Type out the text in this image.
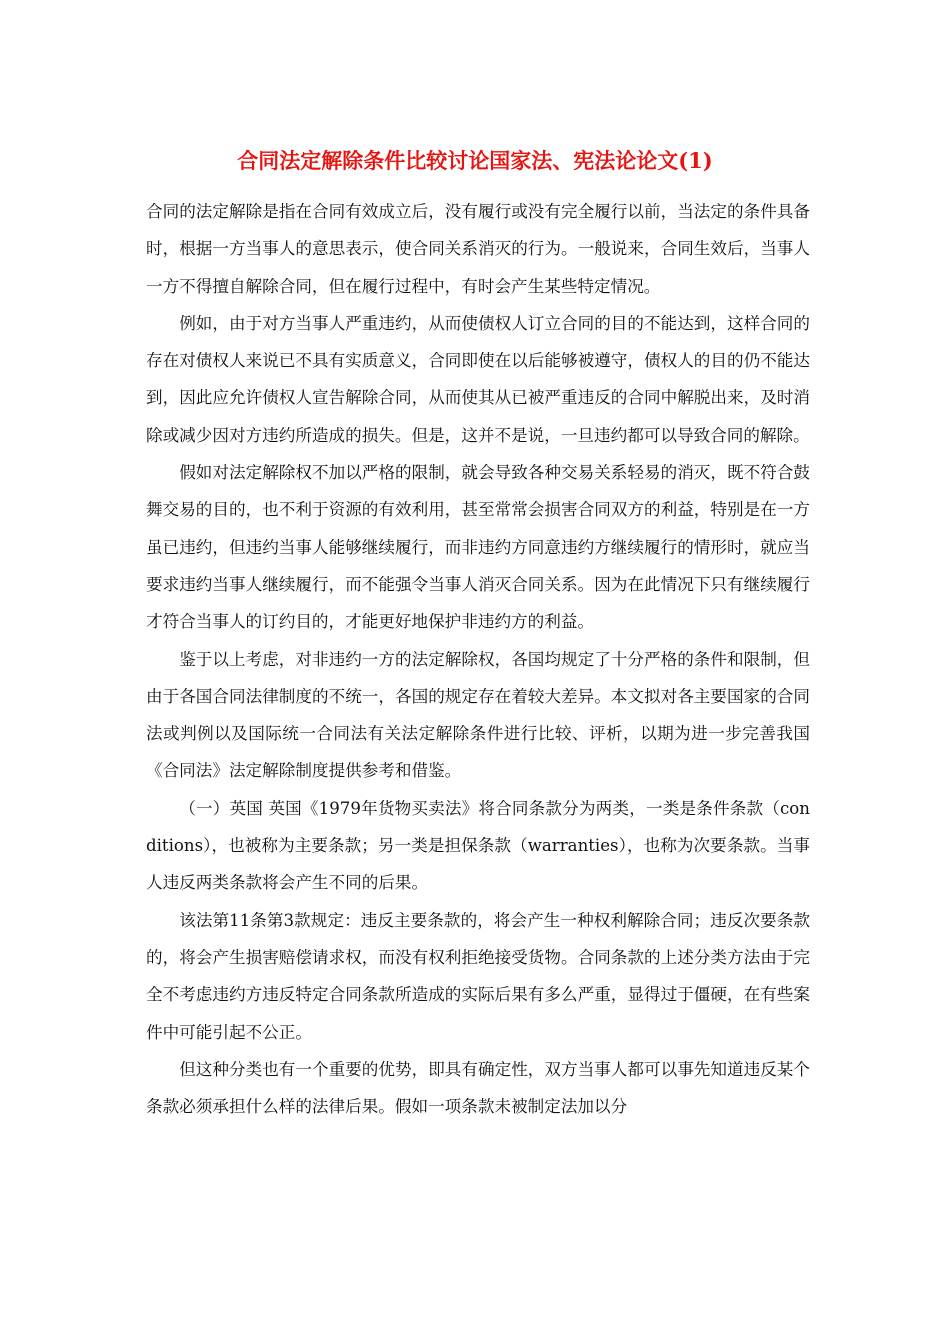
合同法定解除条件比较讨论国家法、宪法论论文(1)

合同的法定解除是指在合同有效成立后，没有履行或没有完全履行以前，当法定的条件具备时，根据一方当事人的意思表示，使合同关系消灭的行为。一般说来，合同生效后，当事人一方不得擅自解除合同，但在履行过程中，有时会产生某些特定情况。

例如，由于对方当事人严重违约，从而使债权人订立合同的目的不能达到，这样合同的存在对债权人来说已不具有实质意义，合同即使在以后能够被遵守，债权人的目的仍不能达到，因此应允许债权人宣告解除合同，从而使其从已被严重违反的合同中解脱出来，及时消除或减少因对方违约所造成的损失。但是，这并不是说，一旦违约都可以导致合同的解除。

假如对法定解除权不加以严格的限制，就会导致各种交易关系轻易的消灭，既不符合鼓舞交易的目的，也不利于资源的有效利用，甚至常常会损害合同双方的利益，特别是在一方虽已违约，但违约当事人能够继续履行，而非违约方同意违约方继续履行的情形时，就应当要求违约当事人继续履行，而不能强令当事人消灭合同关系。因为在此情况下只有继续履行才符合当事人的订约目的，才能更好地保护非违约方的利益。

鉴于以上考虑，对非违约一方的法定解除权，各国均规定了十分严格的条件和限制，但由于各国合同法律制度的不统一，各国的规定存在着较大差异。本文拟对各主要国家的合同法或判例以及国际统一合同法有关法定解除条件进行比较、评析，以期为进一步完善我国《合同法》法定解除制度提供参考和借鉴。

（一）英国 英国《1979年货物买卖法》将合同条款分为两类，一类是条件条款（conditions），也被称为主要条款；另一类是担保条款（warranties），也称为次要条款。当事人违反两类条款将会产生不同的后果。

该法第11条第3款规定：违反主要条款的，将会产生一种权利解除合同；违反次要条款的，将会产生损害赔偿请求权，而没有权利拒绝接受货物。合同条款的上述分类方法由于完全不考虑违约方违反特定合同条款所造成的实际后果有多么严重，显得过于僵硬，在有些案件中可能引起不公正。

但这种分类也有一个重要的优势，即具有确定性，双方当事人都可以事先知道违反某个条款必须承担什么样的法律后果。假如一项条款未被制定法加以分
